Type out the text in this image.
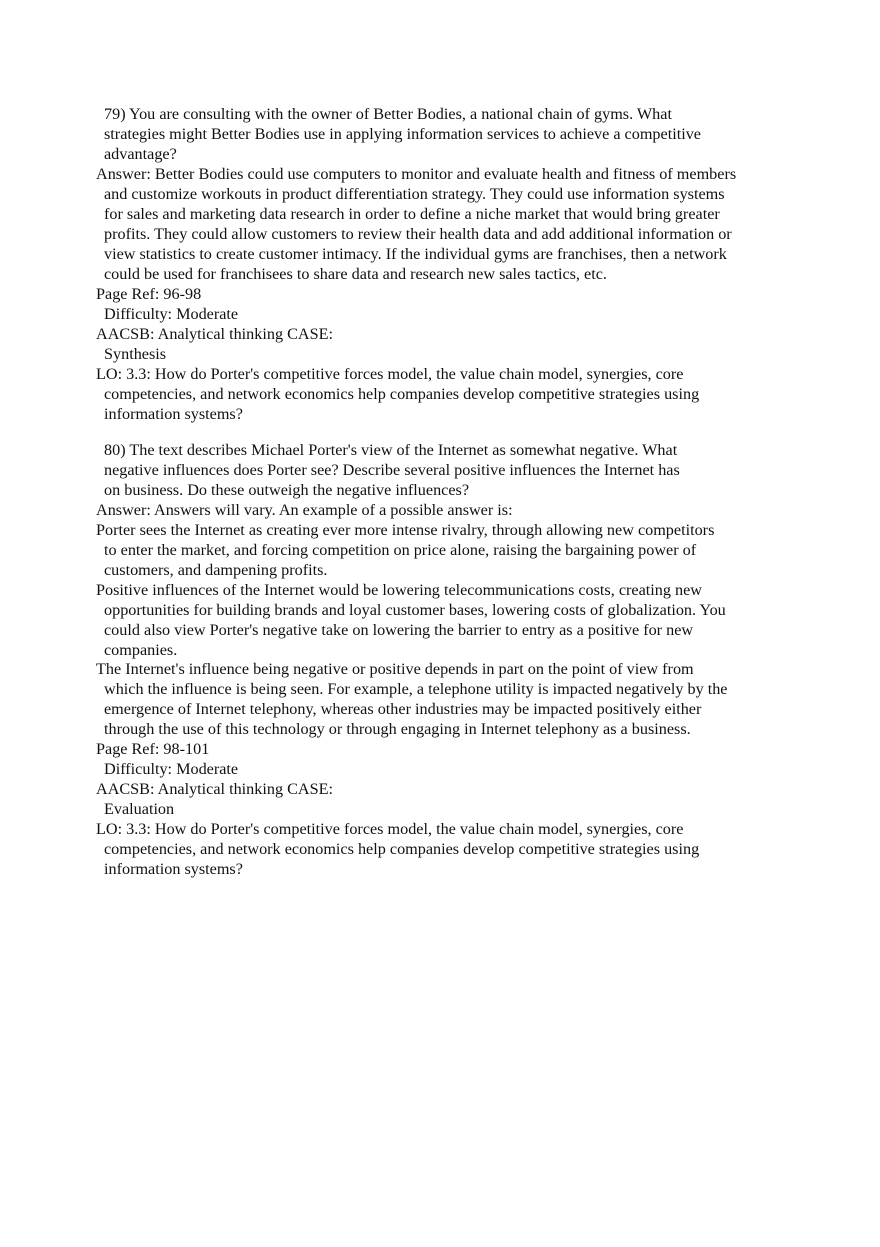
79) You are consulting with the owner of Better Bodies, a national chain of gyms. What
strategies might Better Bodies use in applying information services to achieve a competitive
advantage?
Answer: Better Bodies could use computers to monitor and evaluate health and fitness of members
and customize workouts in product differentiation strategy. They could use information systems
for sales and marketing data research in order to define a niche market that would bring greater
profits. They could allow customers to review their health data and add additional information or
view statistics to create customer intimacy. If the individual gyms are franchises, then a network
could be used for franchisees to share data and research new sales tactics, etc.
Page Ref: 96-98
Difficulty: Moderate
AACSB: Analytical thinking CASE:
Synthesis
LO: 3.3: How do Porter's competitive forces model, the value chain model, synergies, core
competencies, and network economics help companies develop competitive strategies using
information systems?
80) The text describes Michael Porter's view of the Internet as somewhat negative. What
negative influences does Porter see? Describe several positive influences the Internet has
on business. Do these outweigh the negative influences?
Answer: Answers will vary. An example of a possible answer is:
Porter sees the Internet as creating ever more intense rivalry, through allowing new competitors
to enter the market, and forcing competition on price alone, raising the bargaining power of
customers, and dampening profits.
Positive influences of the Internet would be lowering telecommunications costs, creating new
opportunities for building brands and loyal customer bases, lowering costs of globalization. You
could also view Porter's negative take on lowering the barrier to entry as a positive for new
companies.
The Internet's influence being negative or positive depends in part on the point of view from
which the influence is being seen. For example, a telephone utility is impacted negatively by the
emergence of Internet telephony, whereas other industries may be impacted positively either
through the use of this technology or through engaging in Internet telephony as a business.
Page Ref: 98-101
Difficulty: Moderate
AACSB: Analytical thinking CASE:
Evaluation
LO: 3.3: How do Porter's competitive forces model, the value chain model, synergies, core
competencies, and network economics help companies develop competitive strategies using
information systems?
